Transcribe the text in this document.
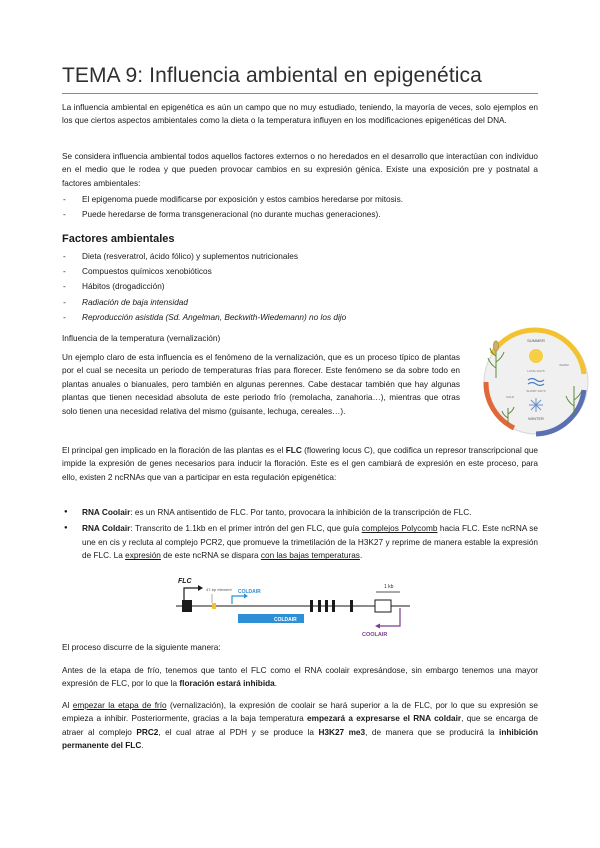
TEMA 9: Influencia ambiental en epigenética
La influencia ambiental en epigenética es aún un campo que no muy estudiado, teniendo, la mayoría de veces, solo ejemplos en los que ciertos aspectos ambientales como la dieta o la temperatura influyen en los modificaciones epigenéticas del DNA.
Se considera influencia ambiental todos aquellos factores externos o no heredados en el desarrollo que interactúan con individuo en el medio que le rodea y que pueden provocar cambios en su expresión génica. Existe una exposición pre y postnatal a factores ambientales:
- El epigenoma puede modificarse por exposición y estos cambios heredarse por mitosis.
- Puede heredarse de forma transgeneracional (no durante muchas generaciones).
Factores ambientales
- Dieta (resveratrol, ácido fólico) y suplementos nutricionales
- Compuestos químicos xenobióticos
- Hábitos (drogadicción)
- Radiación de baja intensidad
- Reproducción asistida (Sd. Angelman, Beckwith-Wiedemann) no los dijo
Influencia de la temperatura (vernalización)
Un ejemplo claro de esta influencia es el fenómeno de la vernalización, que es un proceso típico de plantas por el cual se necesita un periodo de temperaturas frías para florecer. Este fenómeno se da sobre todo en plantas anuales o bianuales, pero también en algunas perennes. Cabe destacar también que hay algunas plantas que tienen necesidad absoluta de este periodo frío (remolacha, zanahoria…), mientras que otras solo tienen una necesidad relativa del mismo (guisante, lechuga, cereales…).
SUMMER
WINTER
LONG DAYS
SHORT DAYS
COLD
WARM
El principal gen implicado en la floración de las plantas es el FLC (flowering locus C), que codifica un represor transcripcional que impide la expresión de genes necesarios para inducir la floración. Este es el gen cambiará de expresión en este proceso, para ello, existen 2 ncRNAs que van a participar en esta regulación epigenética:
● RNA Coolair: es un RNA antisentido de FLC. Por tanto, provocara la inhibición de la transcripción de FLC.
● RNA Coldair: Transcrito de 1.1kb en el primer intrón del gen FLC, que guía complejos Polycomb hacia FLC. Este ncRNA se une en cis y recluta al complejo PCR2, que promueve la trimetilación de la H3K27 y reprime de manera estable la expresión de FLC. La expresión de este ncRNA se dispara con las bajas temperaturas.
FLC
47-bp element COLDAIR
COLDAIR
1 kb
COOLAIR
El proceso discurre de la siguiente manera:
Antes de la etapa de frío, tenemos que tanto el FLC como el RNA coolair expresándose, sin embargo tenemos una mayor expresión de FLC, por lo que la floración estará inhibida.
Al empezar la etapa de frío (vernalización), la expresión de coolair se hará superior a la de FLC, por lo que su expresión se empieza a inhibir. Posteriormente, gracias a la baja temperatura empezará a expresarse el RNA coldair, que se encarga de atraer al complejo PRC2, el cual atrae al PDH y se produce la H3K27 me3, de manera que se producirá la inhibición permanente del FLC.
